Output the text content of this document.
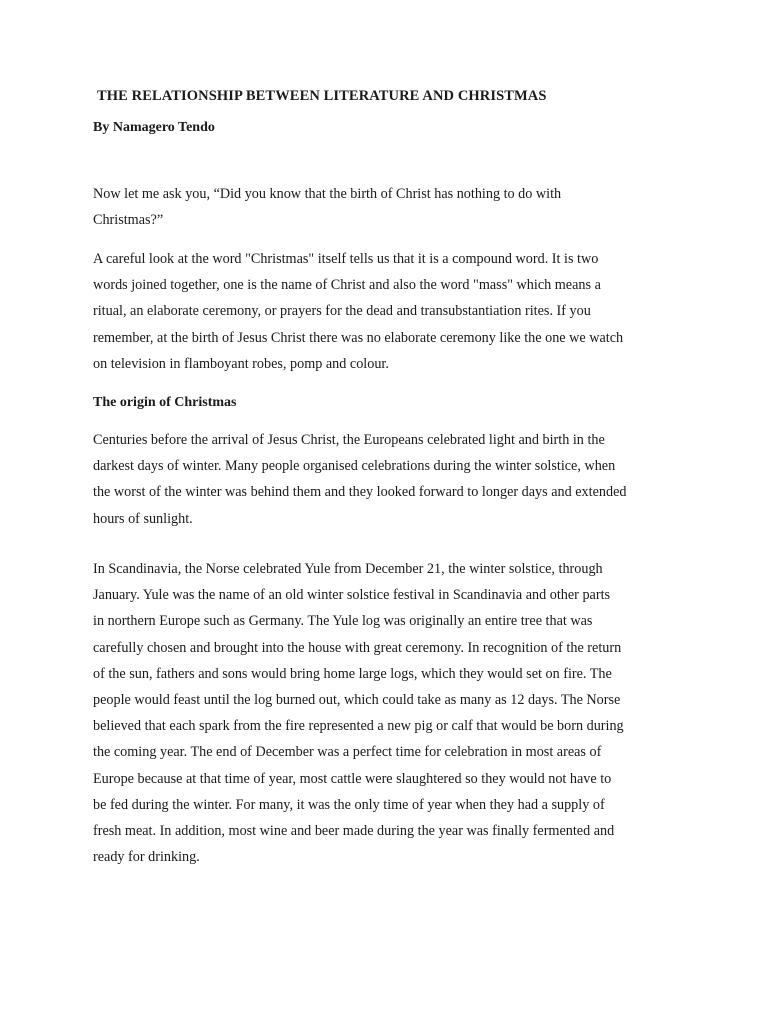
THE RELATIONSHIP BETWEEN LITERATURE AND CHRISTMAS
By Namagero Tendo
Now let me ask you, “Did you know that the birth of Christ has nothing to do with
Christmas?”
A careful look at the word "Christmas" itself tells us that it is a compound word. It is two
words joined together, one is the name of Christ and also the word "mass" which means a
ritual, an elaborate ceremony, or prayers for the dead and transubstantiation rites. If you
remember, at the birth of Jesus Christ there was no elaborate ceremony like the one we watch
on television in flamboyant robes, pomp and colour.
The origin of Christmas
Centuries before the arrival of Jesus Christ, the Europeans celebrated light and birth in the
darkest days of winter. Many people organised celebrations during the winter solstice, when
the worst of the winter was behind them and they looked forward to longer days and extended
hours of sunlight.
In Scandinavia, the Norse celebrated Yule from December 21, the winter solstice, through
January. Yule was the name of an old winter solstice festival in Scandinavia and other parts
in northern Europe such as Germany. The Yule log was originally an entire tree that was
carefully chosen and brought into the house with great ceremony. In recognition of the return
of the sun, fathers and sons would bring home large logs, which they would set on fire. The
people would feast until the log burned out, which could take as many as 12 days. The Norse
believed that each spark from the fire represented a new pig or calf that would be born during
the coming year. The end of December was a perfect time for celebration in most areas of
Europe because at that time of year, most cattle were slaughtered so they would not have to
be fed during the winter. For many, it was the only time of year when they had a supply of
fresh meat. In addition, most wine and beer made during the year was finally fermented and
ready for drinking.
